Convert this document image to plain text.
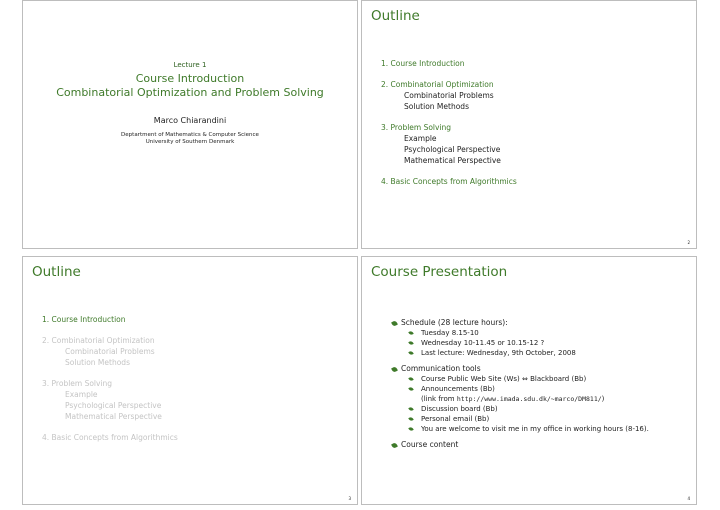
Lecture 1
Course Introduction
Combinatorial Optimization and Problem Solving
Marco Chiarandini
Deptartment of Mathematics & Computer Science
University of Southern Denmark
Outline
1. Course Introduction
2. Combinatorial Optimization
Combinatorial Problems
Solution Methods
3. Problem Solving
Example
Psychological Perspective
Mathematical Perspective
4. Basic Concepts from Algorithmics
2
Outline
1. Course Introduction
2. Combinatorial Optimization
Combinatorial Problems
Solution Methods
3. Problem Solving
Example
Psychological Perspective
Mathematical Perspective
4. Basic Concepts from Algorithmics
3
Course Presentation
Schedule (28 lecture hours):
Tuesday 8.15-10
Wednesday 10-11.45 or 10.15-12 ?
Last lecture: Wednesday, 9th October, 2008
Communication tools
Course Public Web Site (Ws) ⇔ Blackboard (Bb)
Announcements (Bb)
(link from http://www.imada.sdu.dk/~marco/DM811/)
Discussion board (Bb)
Personal email (Bb)
You are welcome to visit me in my office in working hours (8-16).
Course content
4
